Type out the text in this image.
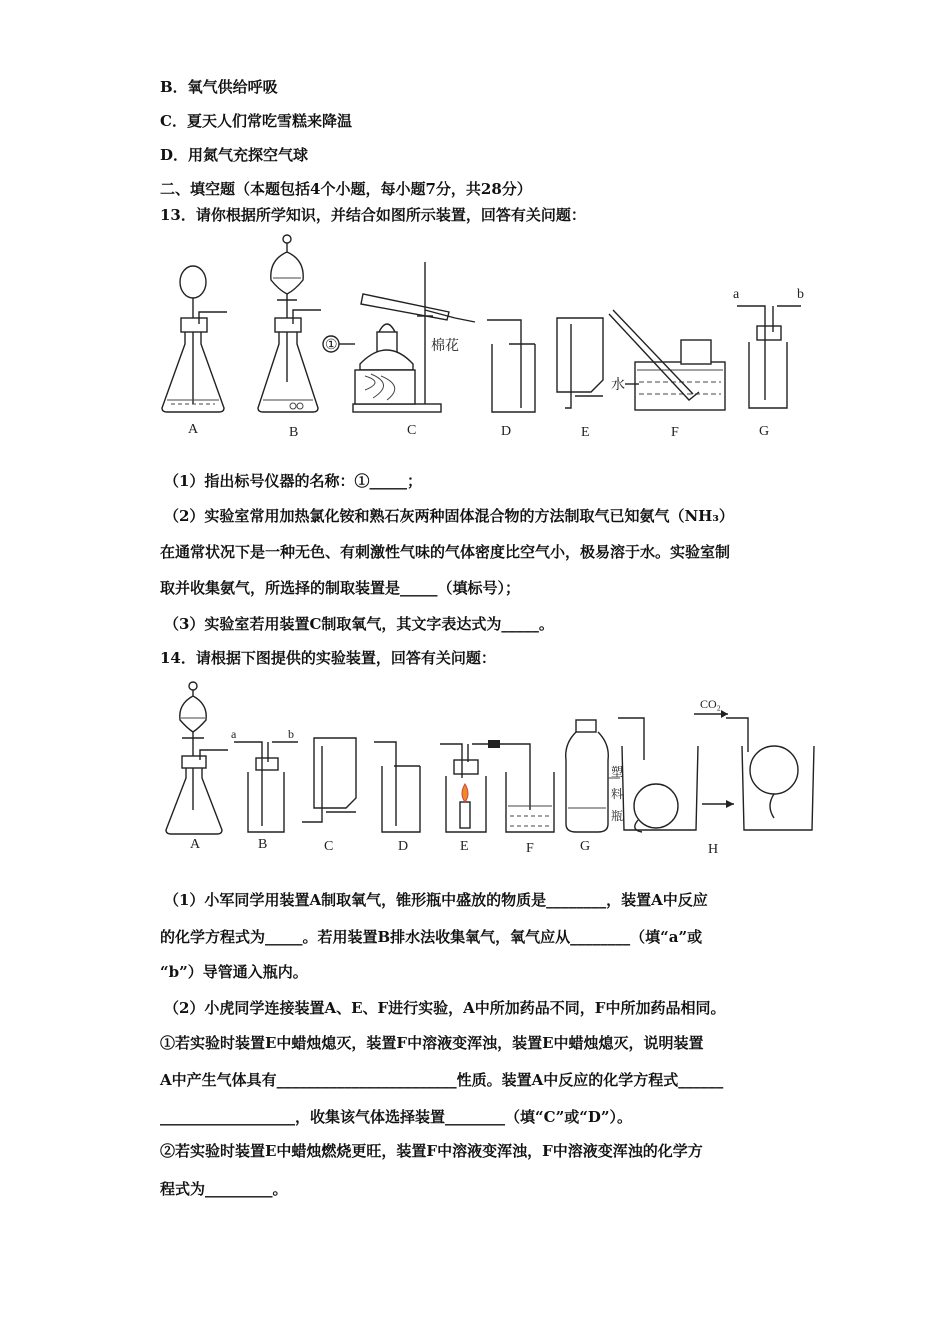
B．氧气供给呼吸
C．夏天人们常吃雪糕来降温
D．用氮气充探空气球
二、填空题（本题包括4个小题，每小题7分，共28分）
13．请你根据所学知识，并结合如图所示装置，回答有关问题：
A	B	C	D	E	F	G
①	棉花
水
a	b
（1）指出标号仪器的名称：①_____；
（2）实验室常用加热氯化铵和熟石灰两种固体混合物的方法制取气已知氨气（NH₃）
在通常状况下是一种无色、有刺激性气味的气体密度比空气小，极易溶于水。实验室制
取并收集氨气，所选择的制取装置是_____（填标号）；
（3）实验室若用装置C制取氧气，其文字表达式为_____。
14．请根据下图提供的实验装置，回答有关问题：
A	B	C	D	E	F	G	H
a	b
CO₂
塑
料
瓶
（1）小军同学用装置A制取氧气，锥形瓶中盛放的物质是________，装置A中反应
的化学方程式为_____。若用装置B排水法收集氧气，氧气应从________（填“a”或
“b”）导管通入瓶内。
（2）小虎同学连接装置A、E、F进行实验，A中所加药品不同，F中所加药品相同。
①若实验时装置E中蜡烛熄灭，装置F中溶液变浑浊，装置E中蜡烛熄灭，说明装置
A中产生气体具有________________________性质。装置A中反应的化学方程式______
__________________，收集该气体选择装置________（填“C”或“D”）。
②若实验时装置E中蜡烛燃烧更旺，装置F中溶液变浑浊，F中溶液变浑浊的化学方
程式为_________。
